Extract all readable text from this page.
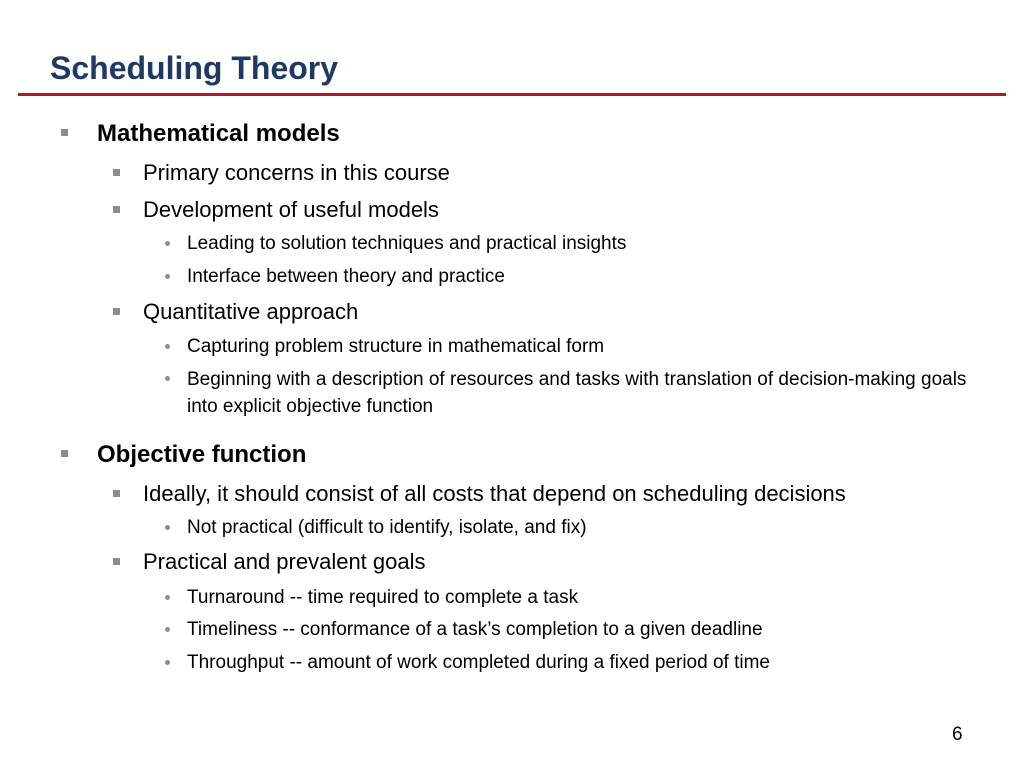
Scheduling Theory
Mathematical models
Primary concerns in this course
Development of useful models
Leading to solution techniques and practical insights
Interface between theory and practice
Quantitative approach
Capturing problem structure in mathematical form
Beginning with a description of resources and tasks with translation of decision-making goals into explicit objective function
Objective function
Ideally, it should consist of all costs that depend on scheduling decisions
Not practical (difficult to identify, isolate, and fix)
Practical and prevalent goals
Turnaround -- time required to complete a task
Timeliness -- conformance of a task’s completion to a given deadline
Throughput -- amount of work completed during a fixed period of time
6
